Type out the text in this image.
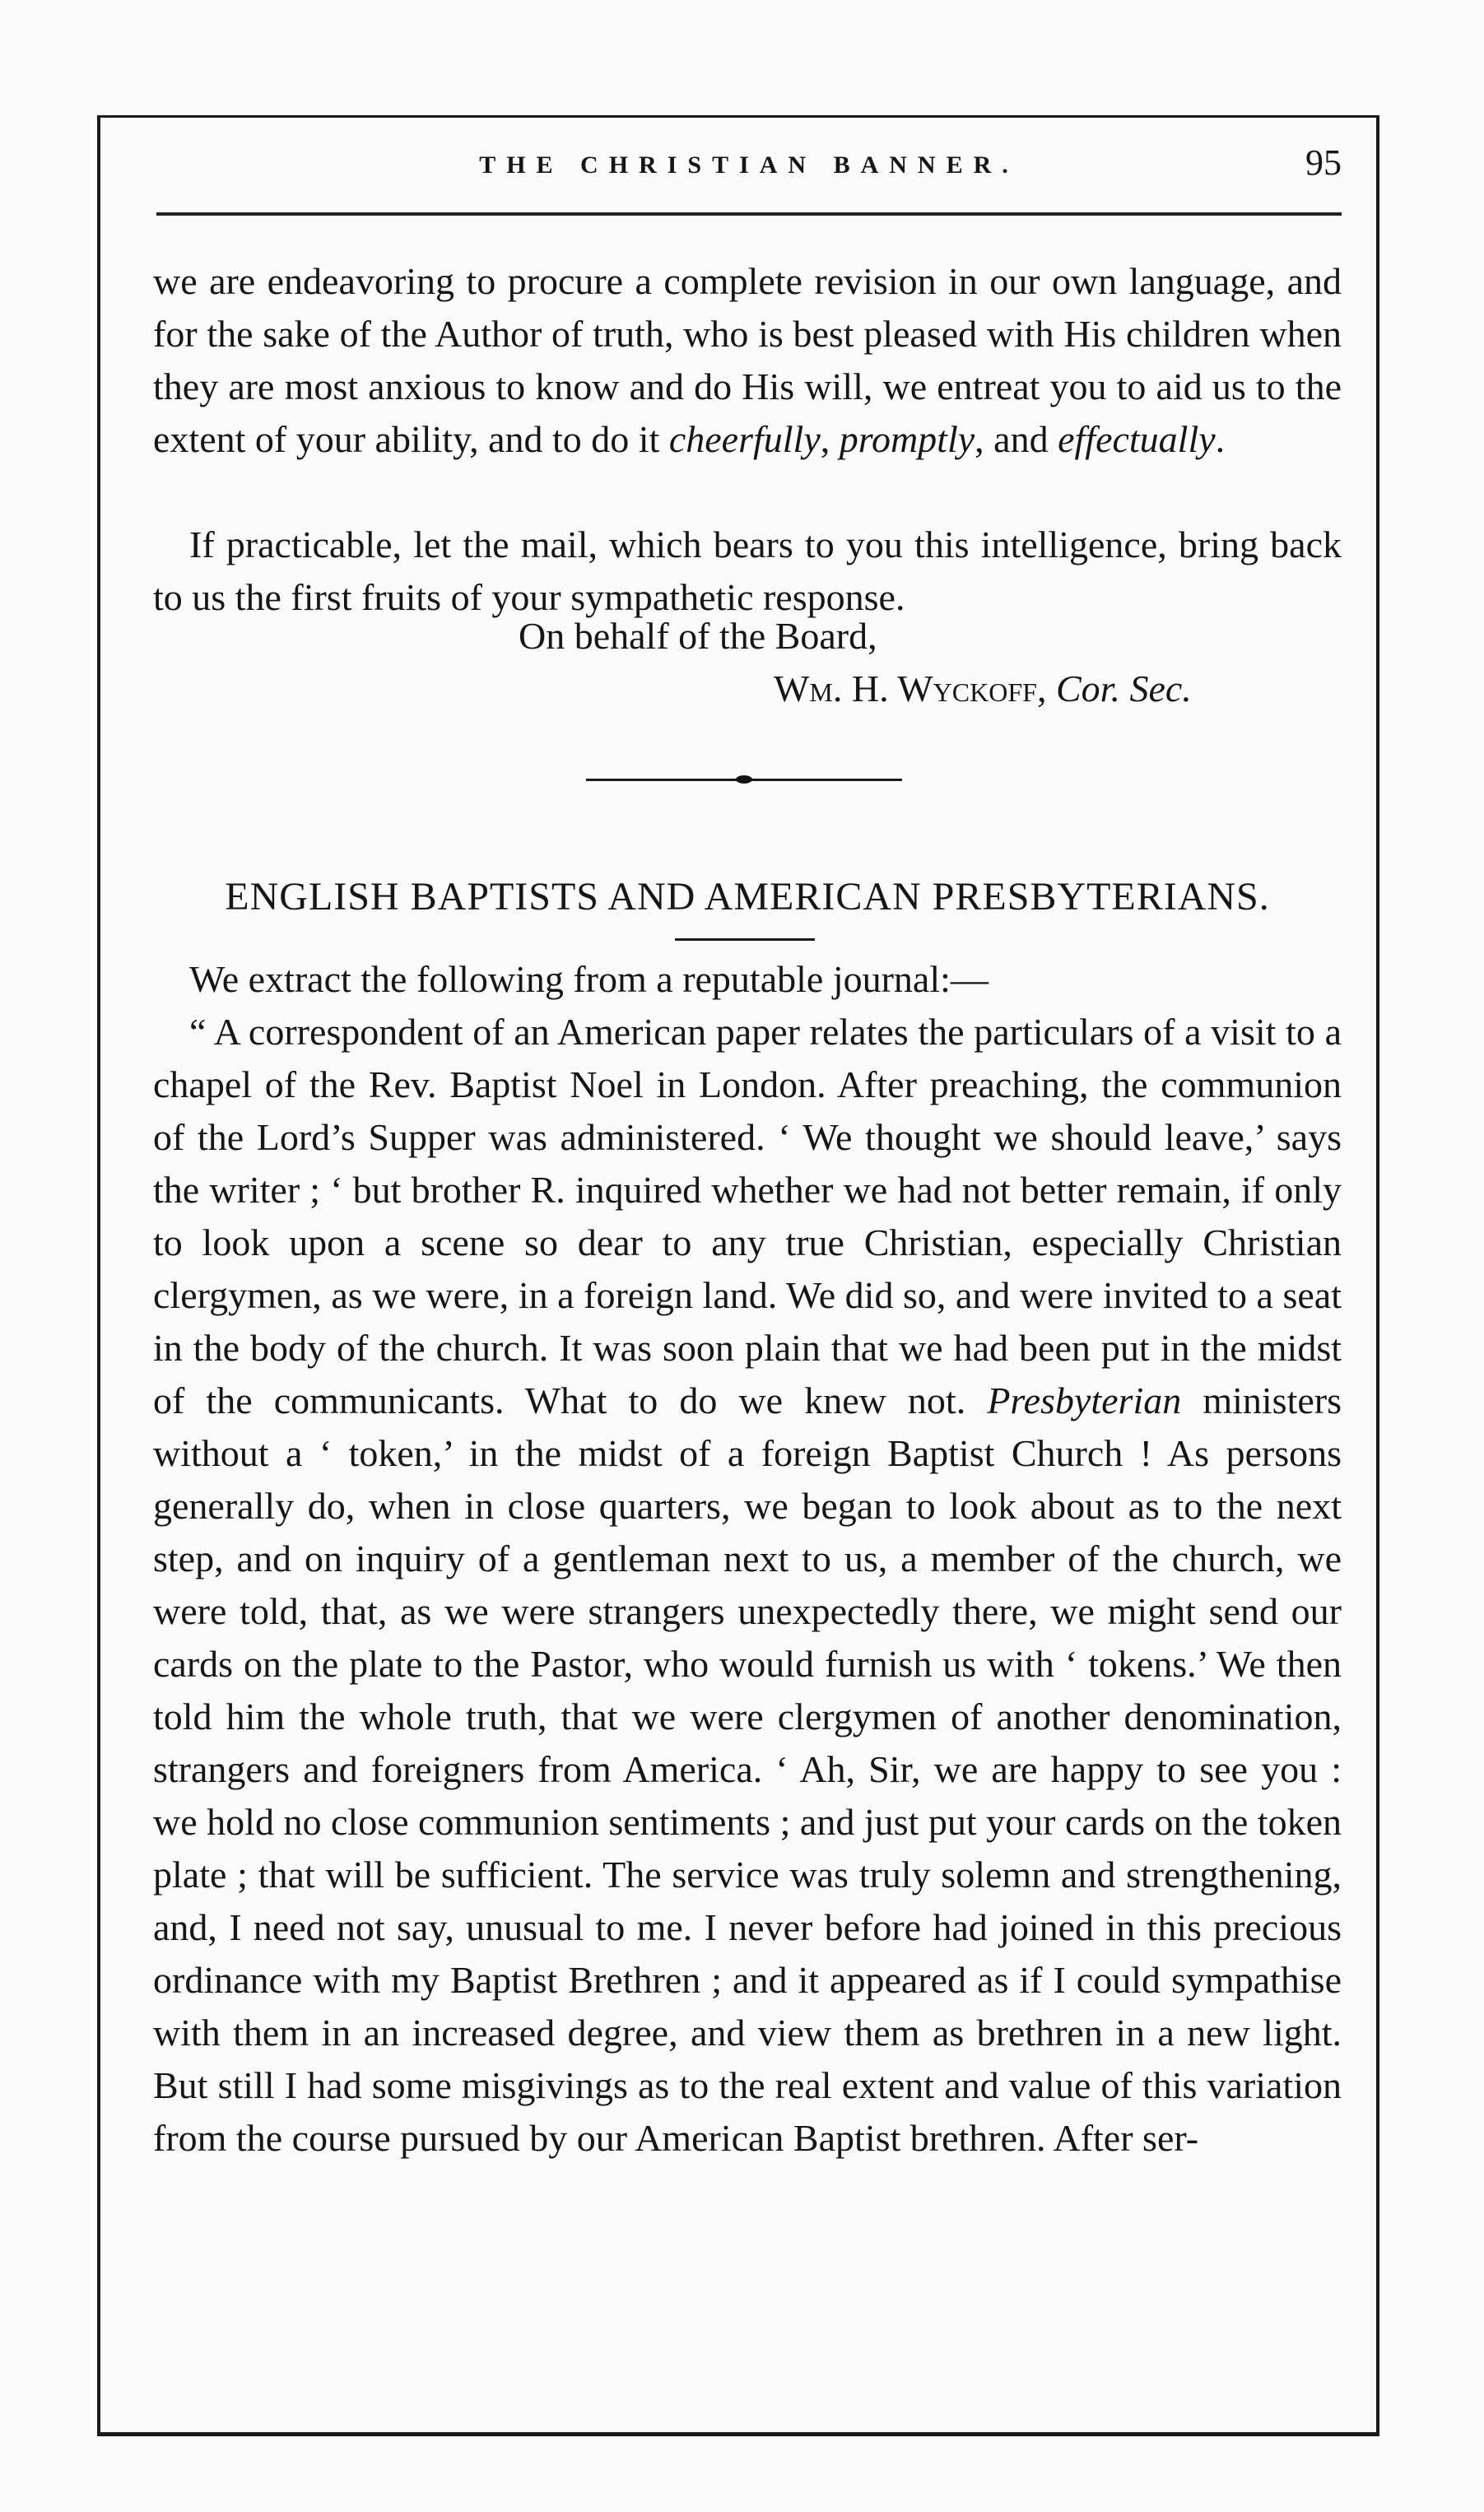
THE CHRISTIAN BANNER.	95

we are endeavoring to procure a complete revision in our own language, and for the sake of the Author of truth, who is best pleased with His children when they are most anxious to know and do His will, we entreat you to aid us to the extent of your ability, and to do it cheerfully, promptly, and effectually.

If practicable, let the mail, which bears to you this intelligence, bring back to us the first fruits of your sympathetic response.

On behalf of the Board,
Wm. H. Wyckoff, Cor. Sec.
ENGLISH BAPTISTS AND AMERICAN PRESBYTERIANS.

We extract the following from a reputable journal:—

“ A correspondent of an American paper relates the particulars of a visit to a chapel of the Rev. Baptist Noel in London. After preaching, the communion of the Lord’s Supper was administered. ‘ We thought we should leave,’ says the writer ; ‘ but brother R. inquired whether we had not better remain, if only to look upon a scene so dear to any true Christian, especially Christian clergymen, as we were, in a foreign land. We did so, and were invited to a seat in the body of the church. It was soon plain that we had been put in the midst of the communicants. What to do we knew not. Presbyterian ministers without a ‘ token,’ in the midst of a foreign Baptist Church ! As persons generally do, when in close quarters, we began to look about as to the next step, and on inquiry of a gentleman next to us, a member of the church, we were told, that, as we were strangers unexpectedly there, we might send our cards on the plate to the Pastor, who would furnish us with ‘ tokens.’ We then told him the whole truth, that we were clergymen of another denomination, strangers and foreigners from America. ‘ Ah, Sir, we are happy to see you : we hold no close communion sentiments ; and just put your cards on the token plate ; that will be sufficient. The service was truly solemn and strengthening, and, I need not say, unusual to me. I never before had joined in this precious ordinance with my Baptist Brethren ; and it appeared as if I could sympathise with them in an increased degree, and view them as brethren in a new light. But still I had some misgivings as to the real extent and value of this variation from the course pursued by our American Baptist brethren. After ser-
